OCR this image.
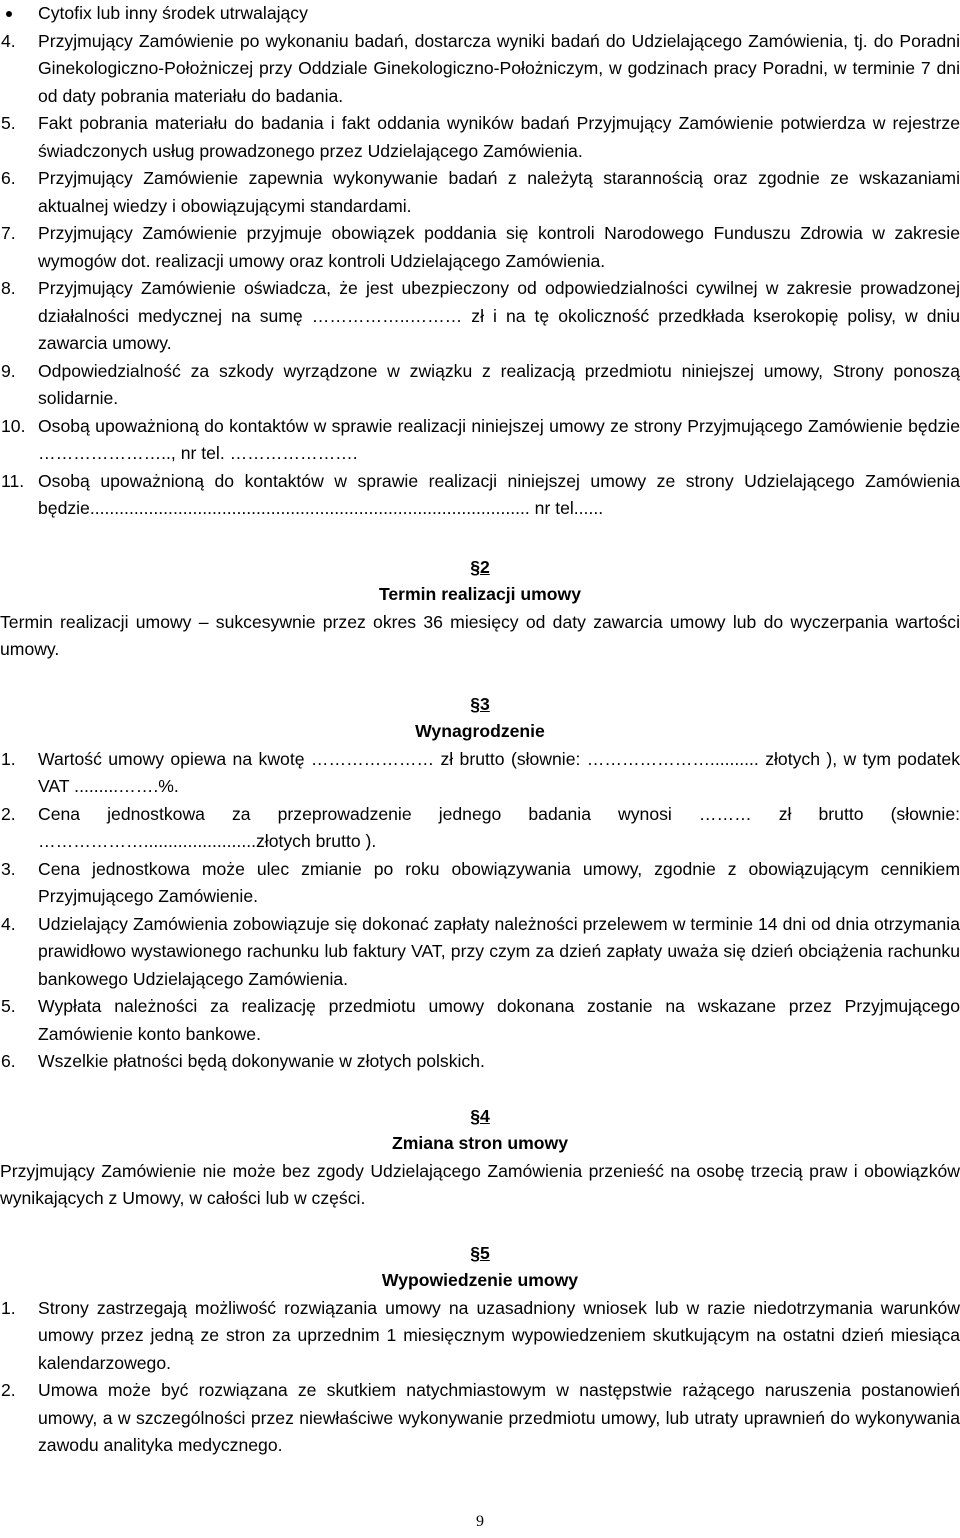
Cytofix lub inny środek utrwalający
4. Przyjmujący Zamówienie po wykonaniu badań, dostarcza wyniki badań do Udzielającego Zamówienia, tj. do Poradni Ginekologiczno-Położniczej przy Oddziale Ginekologiczno-Położniczym, w godzinach pracy Poradni, w terminie 7 dni od daty pobrania materiału do badania.
5. Fakt pobrania materiału do badania i fakt oddania wyników badań Przyjmujący Zamówienie potwierdza w rejestrze świadczonych usług prowadzonego przez Udzielającego Zamówienia.
6. Przyjmujący Zamówienie zapewnia wykonywanie badań z należytą starannością oraz zgodnie ze wskazaniami aktualnej wiedzy i obowiązującymi standardami.
7. Przyjmujący Zamówienie przyjmuje obowiązek poddania się kontroli Narodowego Funduszu Zdrowia w zakresie wymogów dot. realizacji umowy oraz kontroli Udzielającego Zamówienia.
8. Przyjmujący Zamówienie oświadcza, że jest ubezpieczony od odpowiedzialności cywilnej w zakresie prowadzonej działalności medycznej na sumę ……………..……… zł i na tę okoliczność przedkłada kserokopię polisy, w dniu zawarcia umowy.
9. Odpowiedzialność za szkody wyrządzone w związku z realizacją przedmiotu niniejszej umowy, Strony ponoszą solidarnie.
10. Osobą upoważnioną do kontaktów w sprawie realizacji niniejszej umowy ze strony Przyjmującego Zamówienie będzie ………………….., nr tel. ………………….
11. Osobą upoważnioną do kontaktów w sprawie realizacji niniejszej umowy ze strony Udzielającego Zamówienia będzie.......................................................................................... nr tel......
§2
Termin realizacji umowy
Termin realizacji umowy – sukcesywnie przez okres 36 miesięcy od daty zawarcia umowy lub do wyczerpania wartości umowy.
§3
Wynagrodzenie
1. Wartość umowy opiewa na kwotę ………………… zł brutto (słownie: ………………….......... złotych ), w tym podatek VAT .........…….%.
2. Cena jednostkowa za przeprowadzenie jednego badania wynosi ……… zł brutto (słownie: ……………….......................złotych brutto ).
3. Cena jednostkowa może ulec zmianie po roku obowiązywania umowy, zgodnie z obowiązującym cennikiem Przyjmującego Zamówienie.
4. Udzielający Zamówienia zobowiązuje się dokonać zapłaty należności przelewem w terminie 14 dni od dnia otrzymania prawidłowo wystawionego rachunku lub faktury VAT, przy czym za dzień zapłaty uważa się dzień obciążenia rachunku bankowego Udzielającego Zamówienia.
5. Wypłata należności za realizację przedmiotu umowy dokonana zostanie na wskazane przez Przyjmującego Zamówienie konto bankowe.
6. Wszelkie płatności będą dokonywanie w złotych polskich.
§4
Zmiana stron umowy
Przyjmujący Zamówienie nie może bez zgody Udzielającego Zamówienia przenieść na osobę trzecią praw i obowiązków wynikających z Umowy, w całości lub w części.
§5
Wypowiedzenie umowy
1. Strony zastrzegają możliwość rozwiązania umowy na uzasadniony wniosek lub w razie niedotrzymania warunków umowy przez jedną ze stron za uprzednim 1 miesięcznym wypowiedzeniem skutkującym na ostatni dzień miesiąca kalendarzowego.
2. Umowa może być rozwiązana ze skutkiem natychmiastowym w następstwie rażącego naruszenia postanowień umowy, a w szczególności przez niewłaściwe wykonywanie przedmiotu umowy, lub utraty uprawnień do wykonywania zawodu analityka medycznego.
9
